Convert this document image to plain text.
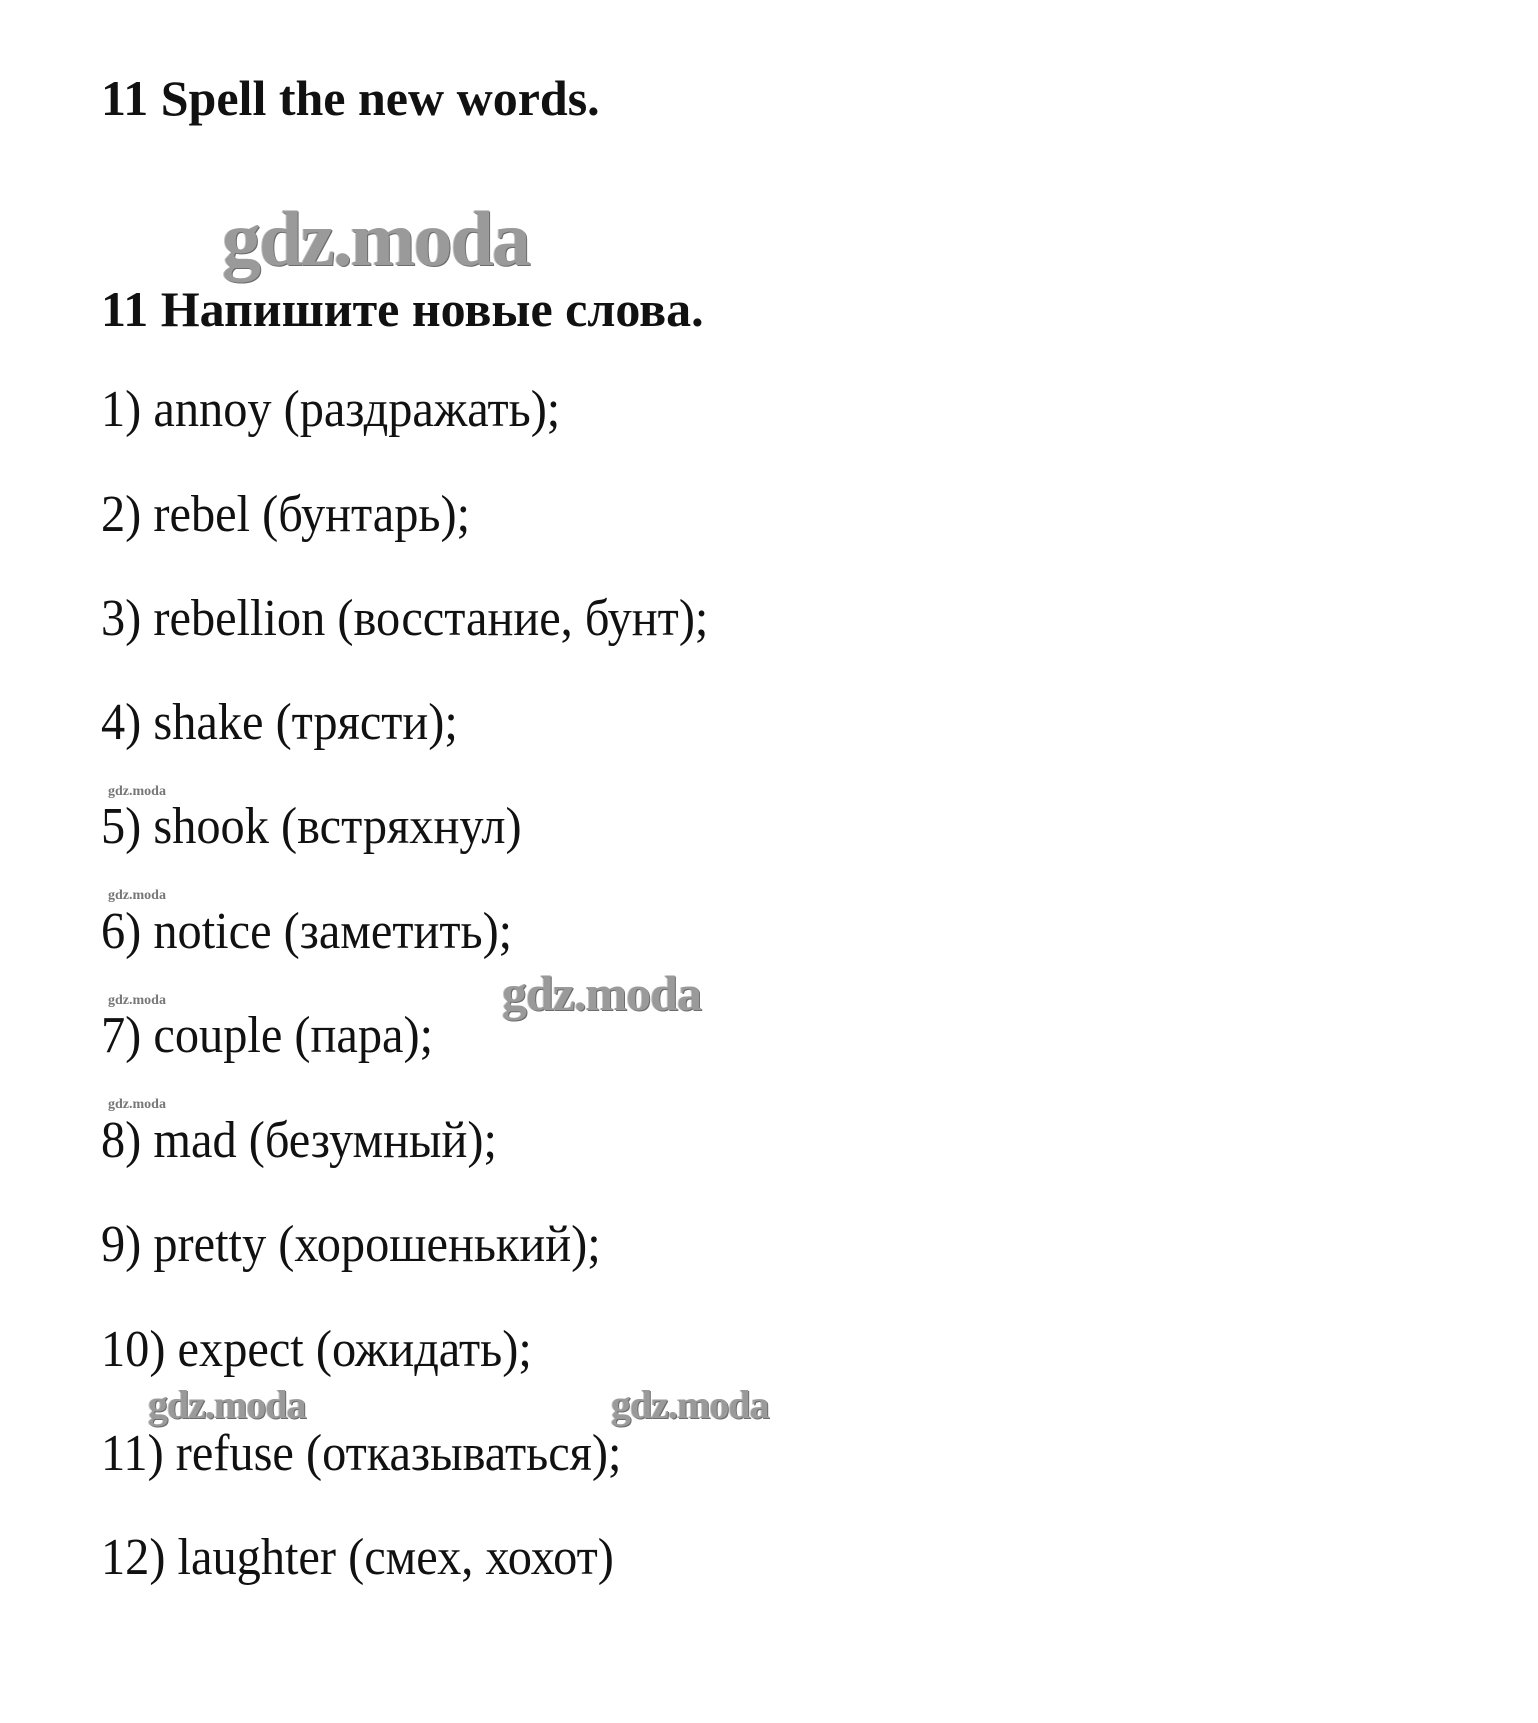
11 Spell the new words.
gdz.moda
11 Напишите новые слова.
1) annoy (раздражать);
2) rebel (бунтарь);
3) rebellion (восстание, бунт);
4) shake (трясти);
5) shook (встряхнул)
6) notice (заметить);
7) couple (пара);
8) mad (безумный);
9) pretty (хорошенький);
10) expect (ожидать);
11) refuse (отказываться);
12) laughter (смех, хохот)
gdz.moda
gdz.moda
gdz.moda
gdz.moda
gdz.moda
gdz.moda	gdz.moda
